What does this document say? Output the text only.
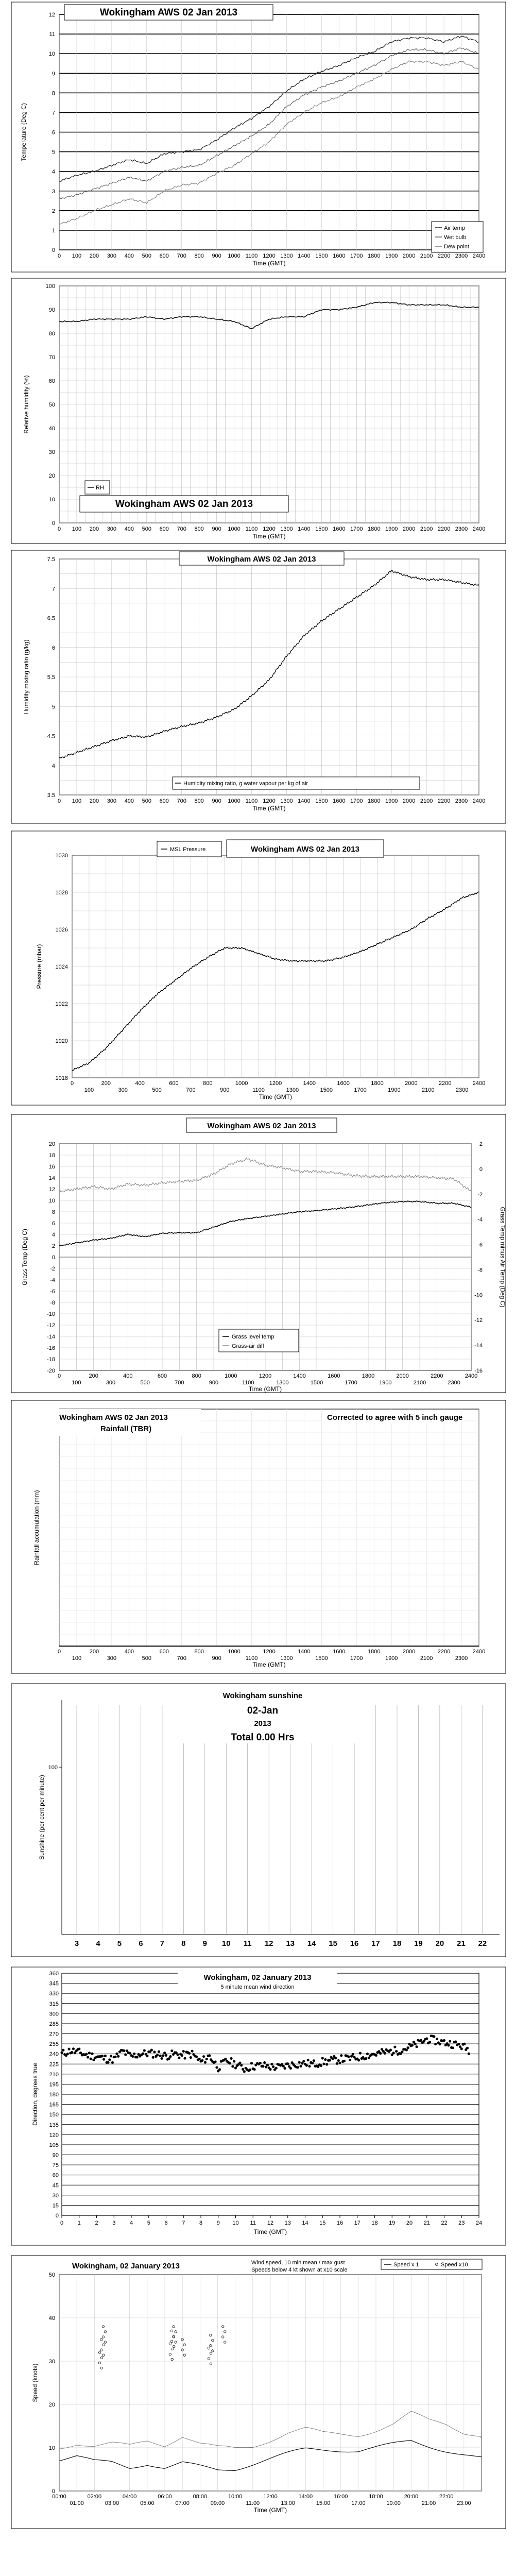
0
1
2
3
4
5
6
7
8
9
10
11
12
0 100 200 300 400 500 600 700 800 900 1000 1100 1200 1300 1400 1500 1600 1700 1800 1900 2000 2100 2200 2300 2400
Time (GMT)
Temperature (Deg C)
Wokingham AWS 02 Jan 2013
Air temp
Wet bulb
Dew point
0
10
20
30
40
50
60
70
80
90
100
0 100 200 300 400 500 600 700 800 900 1000 1100 1200 1300 1400 1500 1600 1700 1800 1900 2000 2100 2200 2300 2400
Time (GMT)
Relative humidity (%)
RH
Wokingham AWS 02 Jan 2013
3.5
4
4.5
5
5.5
6
6.5
7
7.5
0 100 200 300 400 500 600 700 800 900 1000 1100 1200 1300 1400 1500 1600 1700 1800 1900 2000 2100 2200 2300 2400
Time (GMT)
Humidity mixing ratio (g/kg)
Wokingham AWS 02 Jan 2013
Humidity mixing ratio, g water vapour per kg of air
1018
1020
1022
1024
1026
1028
1030
0	200	400	600	800	1000	1200	1400	1600	1800	2000	2200	2400
100	300	500	700	900	1100	1300	1500	1700	1900	2100	2300
Time (GMT)
Pressure (mbar)
MSL Pressure	Wokingham AWS 02 Jan 2013
20
18
16
14
12
10
8
6
4
2
0
-2
-4
-6
-8
-10
-12
-14
-16
-18
-20
2
0
-2
-4
-6
-8
-10
-12
-14
-16
0	200	400	600	800	1000	1200	1400	1600	1800	2000	2200	2400
100	300	500	700	900	1100	1300	1500	1700	1900	2100	2300
Time (GMT)
Grass Temp (Deg C)	Grass Temp minus Air Temp (Deg C)
Wokingham AWS 02 Jan 2013
Grass level temp
Grass-air diff
0	200	400	600	800	1000	1200	1400	1600	1800	2000	2200	2400
100	300	500	700	900	1100	1300	1500	1700	1900	2100	2300
Time (GMT)
Rainfall accumulation (mm)
Wokingham AWS 02 Jan 2013
Rainfall (TBR)
Corrected to agree with 5 inch gauge
100
3 4 5 6 7 8 9 10 11 12 13 14 15 16 17 18 19 20 21 22
Sunshine (per cent per minute)
Wokingham sunshine
02-Jan
2013
Total 0.00 Hrs
0
15
30
45
60
75
90
105
120
135
150
165
180
195
210
225
240
255
270
285
300
315
330
345
360
0	1	2	3	4	5	6	7	8	9 10 11 12 13 14 15 16 17 18 19 20 21 22 23 24
Time (GMT)
Direction, degrees true
Wokingham, 02 January 2013
5 minute mean wind direction
0
10
20
30
40
50
00:00	02:00	04:00	06:00	08:00	10:00	12:00	14:00	16:00	18:00	20:00	22:00
01:00	03:00	05:00	07:00	09:00	11:00	13:00	15:00	17:00	19:00	21:00	23:00
Time (GMT)
Speed (knots)
Wokingham, 02 January 2013	Wind speed, 10 min mean / max gust
Speeds below 4 kt shown at x10 scale
Speed x 1	Speed x10
